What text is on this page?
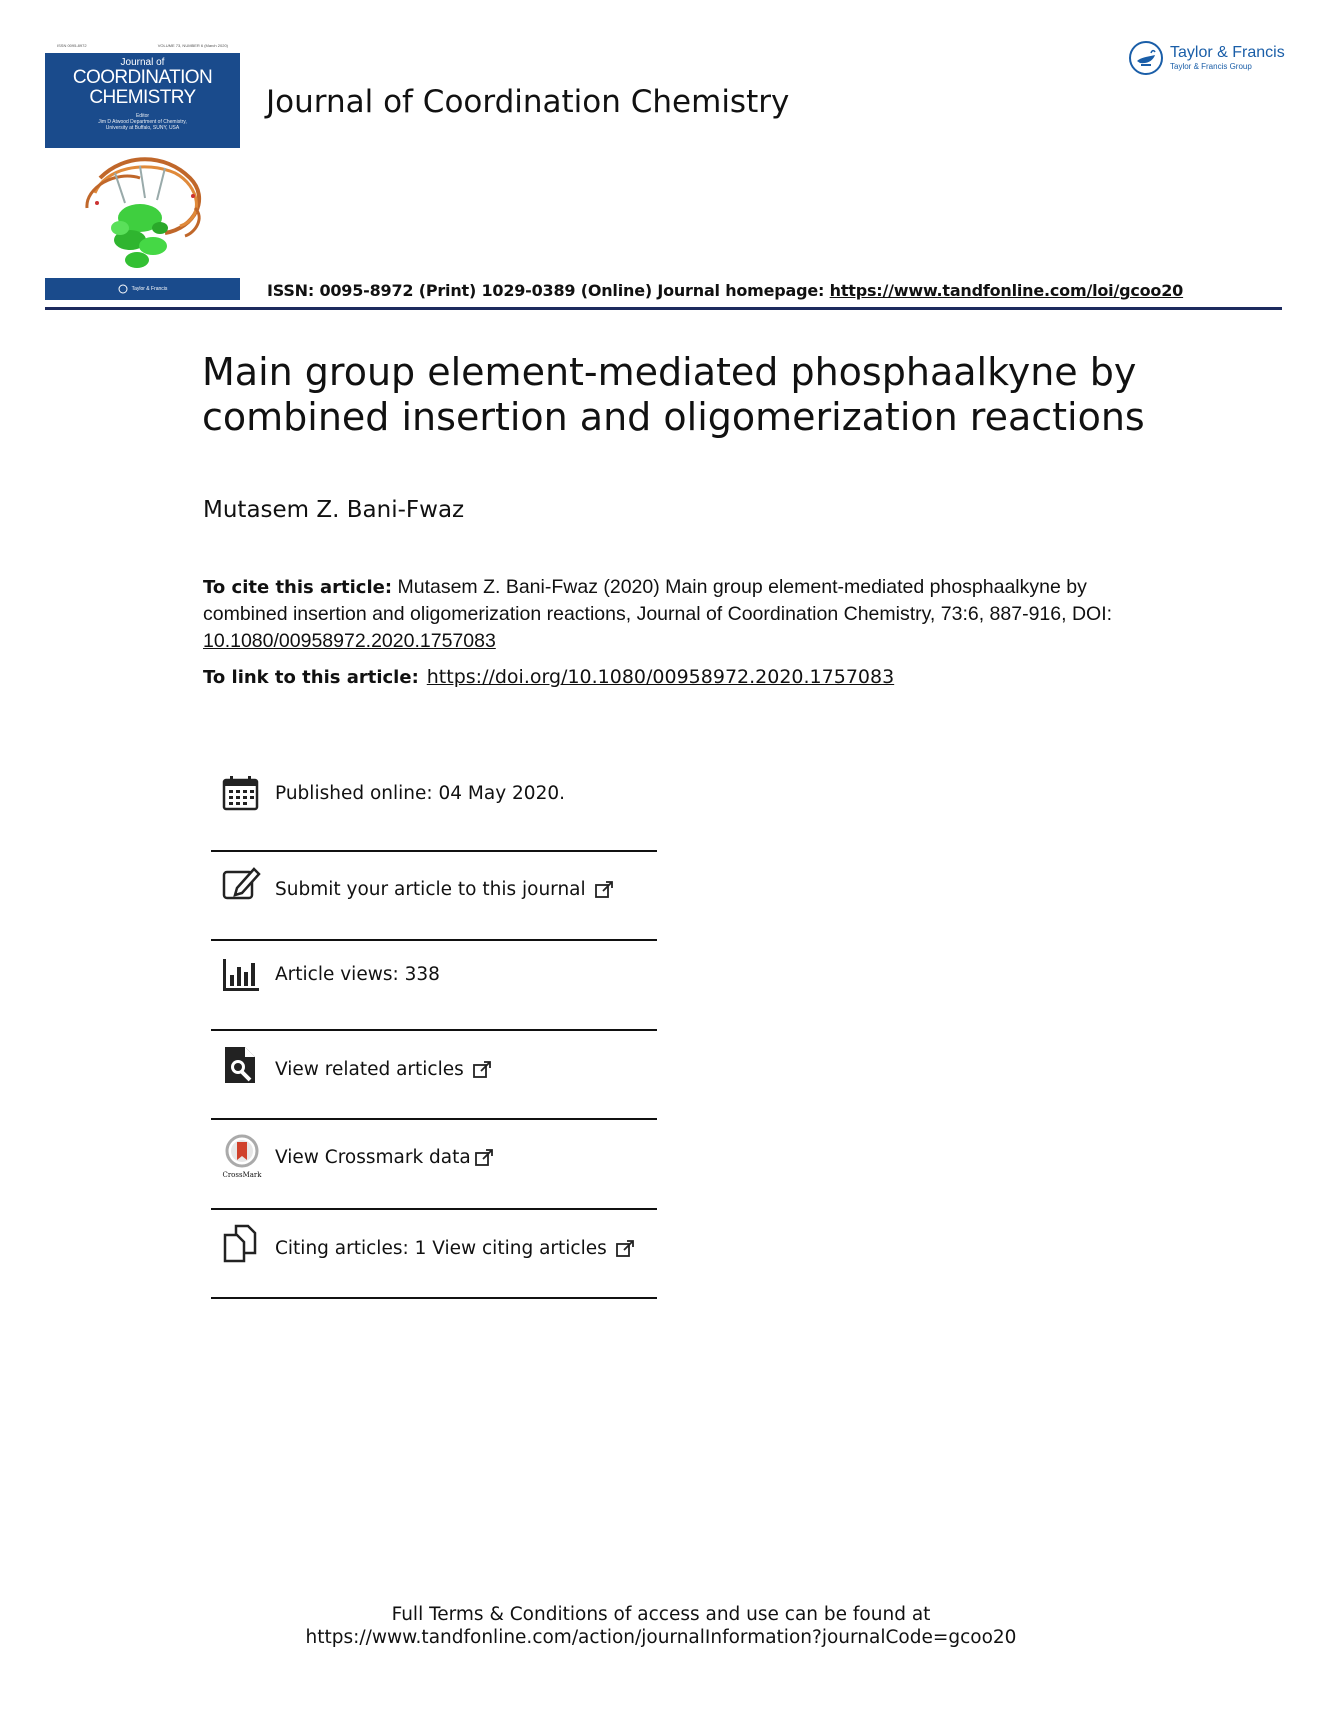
ISSN 0095-8972	VOLUME 73, NUMBER 6 (March 2020)
Journal of
COORDINATION
CHEMISTRY
Editor
Jim D Atwood Department of Chemistry,
University at Buffalo, SUNY, USA
Taylor & Francis
Journal of Coordination Chemistry
Taylor & Francis
Taylor & Francis Group
ISSN: 0095-8972 (Print) 1029-0389 (Online) Journal homepage: https://www.tandfonline.com/loi/gcoo20
Main group element-mediated phosphaalkyne by combined insertion and oligomerization reactions
Mutasem Z. Bani-Fwaz
To cite this article: Mutasem Z. Bani-Fwaz (2020) Main group element-mediated phosphaalkyne by combined insertion and oligomerization reactions, Journal of Coordination Chemistry, 73:6, 887-916, DOI: 10.1080/00958972.2020.1757083
To link to this article: https://doi.org/10.1080/00958972.2020.1757083
Published online: 04 May 2020.
Submit your article to this journal
Article views: 338
View related articles
CrossMark
View Crossmark data
Citing articles: 1 View citing articles
Full Terms & Conditions of access and use can be found at
https://www.tandfonline.com/action/journalInformation?journalCode=gcoo20
